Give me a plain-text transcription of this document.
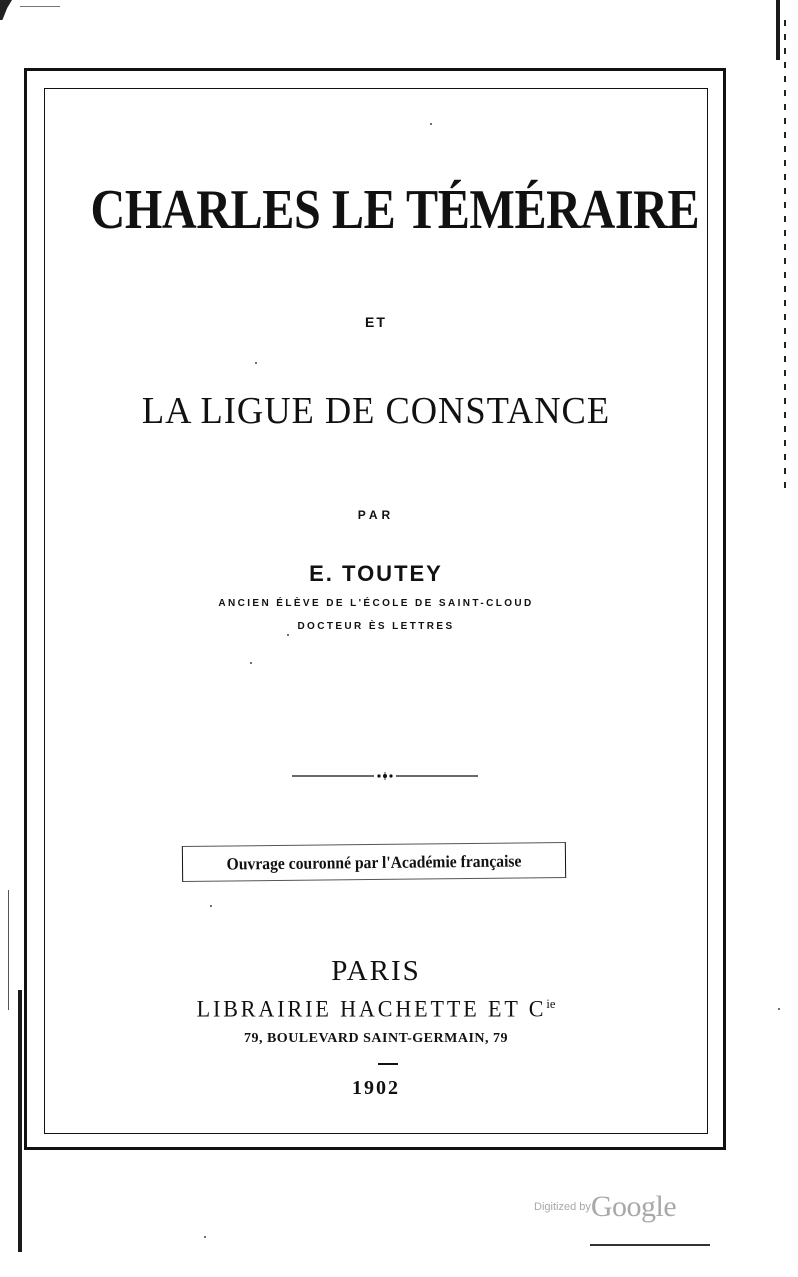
CHARLES LE TÉMÉRAIRE
ET
LA LIGUE DE CONSTANCE
PAR
E. TOUTEY
ANCIEN ÉLÈVE DE L'ÉCOLE DE SAINT-CLOUD
DOCTEUR ÈS LETTRES
Ouvrage couronné par l'Académie française
PARIS
LIBRAIRIE HACHETTE ET $C^{ie}$
79, BOULEVARD SAINT-GERMAIN, 79
1902
Digitized byGoogle
